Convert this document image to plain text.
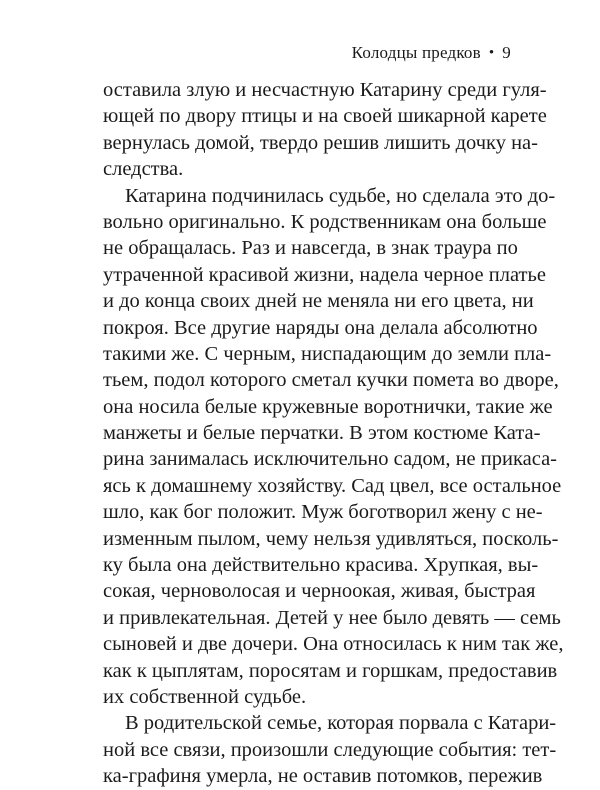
Колодцы предков • 9

оставила злую и несчастную Катарину среди гуля-
ющей по двору птицы и на своей шикарной карете
вернулась домой, твердо решив лишить дочку на-
следства.

Катарина подчинилась судьбе, но сделала это до-
вольно оригинально. К родственникам она больше
не обращалась. Раз и навсегда, в знак траура по
утраченной красивой жизни, надела черное платье
и до конца своих дней не меняла ни его цвета, ни
покроя. Все другие наряды она делала абсолютно
такими же. С черным, ниспадающим до земли пла-
тьем, подол которого сметал кучки помета во дворе,
она носила белые кружевные воротнички, такие же
манжеты и белые перчатки. В этом костюме Ката-
рина занималась исключительно садом, не прикаса-
ясь к домашнему хозяйству. Сад цвел, все остальное
шло, как бог положит. Муж боготворил жену с не-
изменным пылом, чему нельзя удивляться, посколь-
ку была она действительно красива. Хрупкая, вы-
сокая, черноволосая и черноокая, живая, быстрая
и привлекательная. Детей у нее было девять — семь
сыновей и две дочери. Она относилась к ним так же,
как к цыплятам, поросятам и горшкам, предоставив
их собственной судьбе.

В родительской семье, которая порвала с Катари-
ной все связи, произошли следующие события: тет-
ка-графиня умерла, не оставив потомков, пережив
